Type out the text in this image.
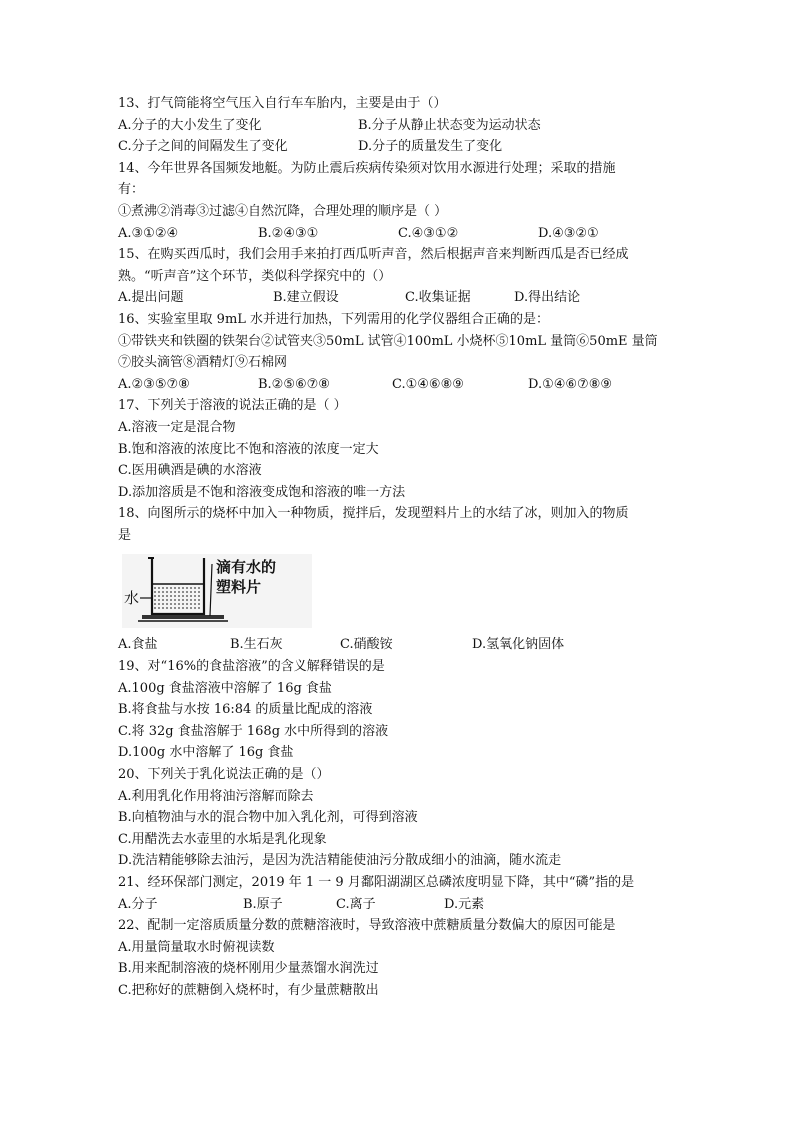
13、打气筒能将空气压入自行车车胎内，主要是由于（）
A.分子的大小发生了变化	B.分子从静止状态变为运动状态
C.分子之间的间隔发生了变化	D.分子的质量发生了变化
14、今年世界各国频发地艇。为防止震后疾病传染须对饮用水源进行处理；采取的措施
有：
①煮沸②消毒③过滤④自然沉降，合理处理的顺序是（ ）
A.③①②④	B.②④③①	C.④③①②	D.④③②①
15、在购买西瓜时，我们会用手来拍打西瓜听声音，然后根据声音来判断西瓜是否已经成
熟。“听声音”这个环节，类似科学探究中的（）
A.提出问题	B.建立假设	C.收集证据	D.得出结论
16、实验室里取 9mL 水并进行加热，下列需用的化学仪器组合正确的是：
①带铁夹和铁圈的铁架台②试管夹③50mL 试管④100mL 小烧杯⑤10mL 量筒⑥50mE 量筒
⑦胶头滴管⑧酒精灯⑨石棉网
A.②③⑤⑦⑧	B.②⑤⑥⑦⑧	C.①④⑥⑧⑨	D.①④⑥⑦⑧⑨
17、下列关于溶液的说法正确的是（ ）
A.溶液一定是混合物
B.饱和溶液的浓度比不饱和溶液的浓度一定大
C.医用碘酒是碘的水溶液
D.添加溶质是不饱和溶液变成饱和溶液的唯一方法
18、向图所示的烧杯中加入一种物质，搅拌后，发现塑料片上的水结了冰，则加入的物质
是
水
滴有水的
塑料片
A.食盐	B.生石灰	C.硝酸铵	D.氢氧化钠固体
19、对“16%的食盐溶液”的含义解释错误的是
A.100g 食盐溶液中溶解了 16g 食盐
B.将食盐与水按 16:84 的质量比配成的溶液
C.将 32g 食盐溶解于 168g 水中所得到的溶液
D.100g 水中溶解了 16g 食盐
20、下列关于乳化说法正确的是（）
A.利用乳化作用将油污溶解而除去
B.向植物油与水的混合物中加入乳化剂，可得到溶液
C.用醋洗去水壶里的水垢是乳化现象
D.洗洁精能够除去油污，是因为洗洁精能使油污分散成细小的油滴，随水流走
21、经环保部门测定，2019 年 1 一 9 月鄱阳湖湖区总磷浓度明显下降，其中“磷”指的是
A.分子	B.原子	C.离子	D.元素
22、配制一定溶质质量分数的蔗糖溶液时，导致溶液中蔗糖质量分数偏大的原因可能是
A.用量筒量取水时俯视读数
B.用来配制溶液的烧杯刚用少量蒸馏水润洗过
C.把称好的蔗糖倒入烧杯时，有少量蔗糖散出
